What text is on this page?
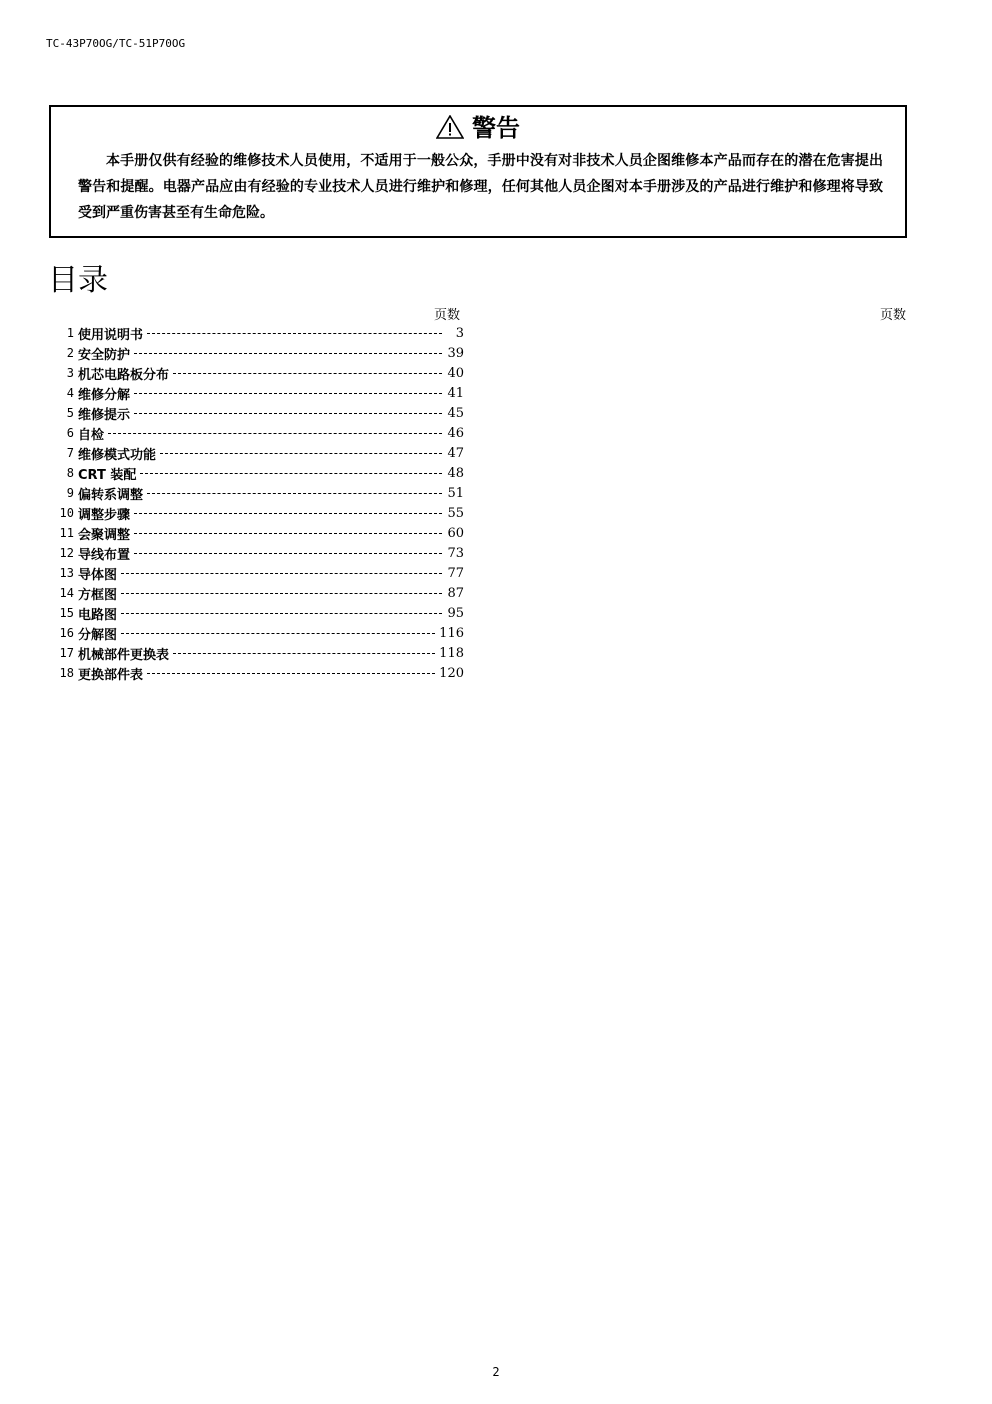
TC-43P70OG/TC-51P70OG
警告
本手册仅供有经验的维修技术人员使用，不适用于一般公众，手册中没有对非技术人员企图维修本产品而存在的潜在危害提出警告和提醒。电器产品应由有经验的专业技术人员进行维护和修理，任何其他人员企图对本手册涉及的产品进行维护和修理将导致受到严重伤害甚至有生命危险。
目录
页数	页数
1 使用说明书	3
2 安全防护	39
3 机芯电路板分布	40
4 维修分解	41
5 维修提示	45
6 自检	46
7 维修模式功能	47
8 CRT 装配	48
9 偏转系调整	51
10 调整步骤	55
11 会聚调整	60
12 导线布置	73
13 导体图	77
14 方框图	87
15 电路图	95
16 分解图	116
17 机械部件更换表	118
18 更换部件表	120
2
